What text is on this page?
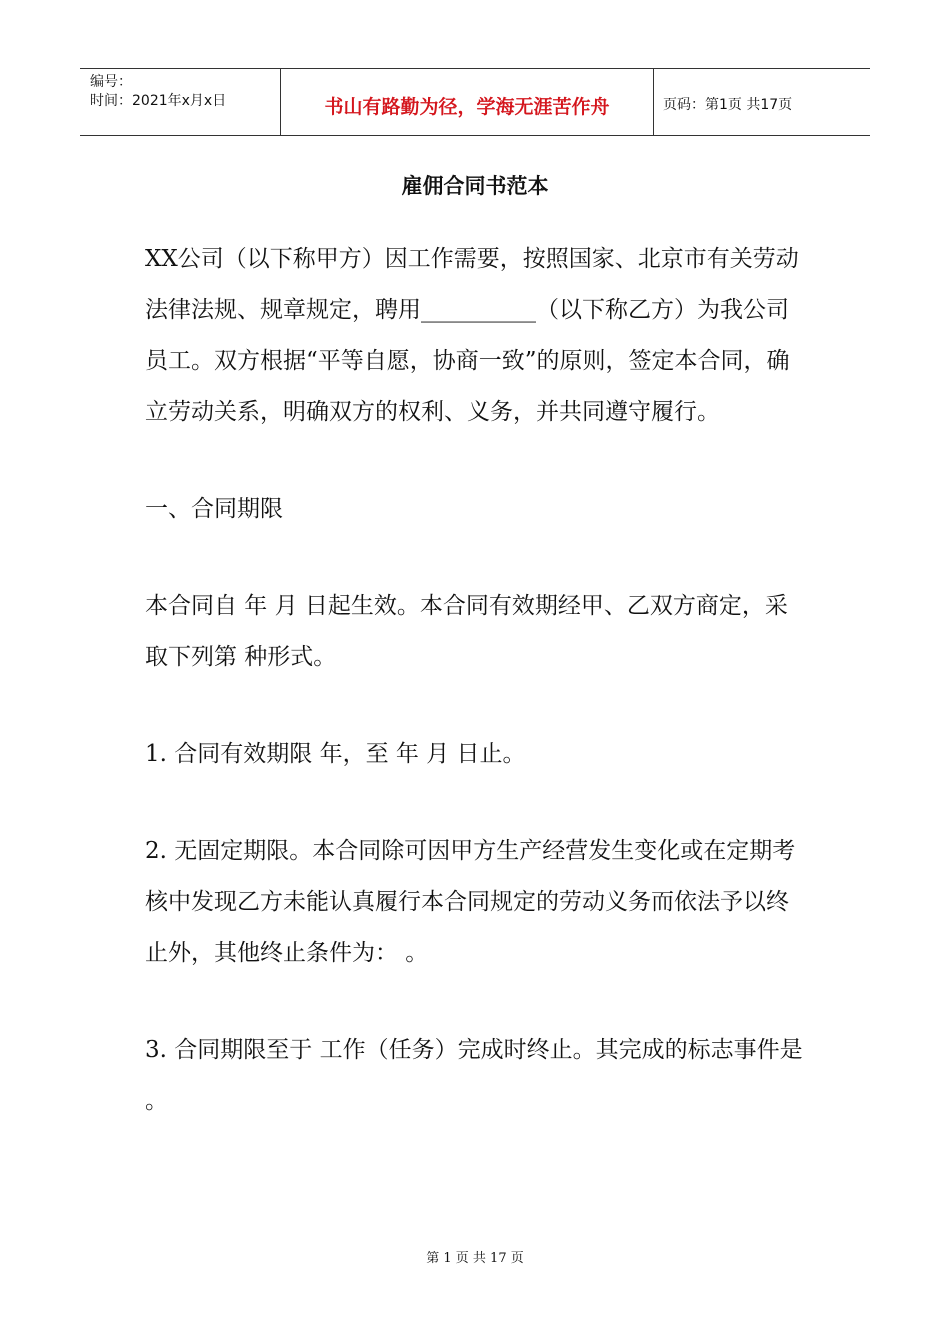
编号：
时间：2021年x月x日	书山有路勤为径，学海无涯苦作舟	页码：第1页 共17页
雇佣合同书范本

XX公司（以下称甲方）因工作需要，按照国家、北京市有关劳动法律法规、规章规定，聘用__________（以下称乙方）为我公司员工。双方根据“平等自愿，协商一致”的原则，签定本合同，确立劳动关系，明确双方的权利、义务，并共同遵守履行。

一、合同期限

本合同自 年 月 日起生效。本合同有效期经甲、乙双方商定，采取下列第 种形式。

1. 合同有效期限 年，至 年 月 日止。

2. 无固定期限。本合同除可因甲方生产经营发生变化或在定期考核中发现乙方未能认真履行本合同规定的劳动义务而依法予以终止外，其他终止条件为： 。

3. 合同期限至于 工作（任务）完成时终止。其完成的标志事件是 。

第 1 页 共 17 页
